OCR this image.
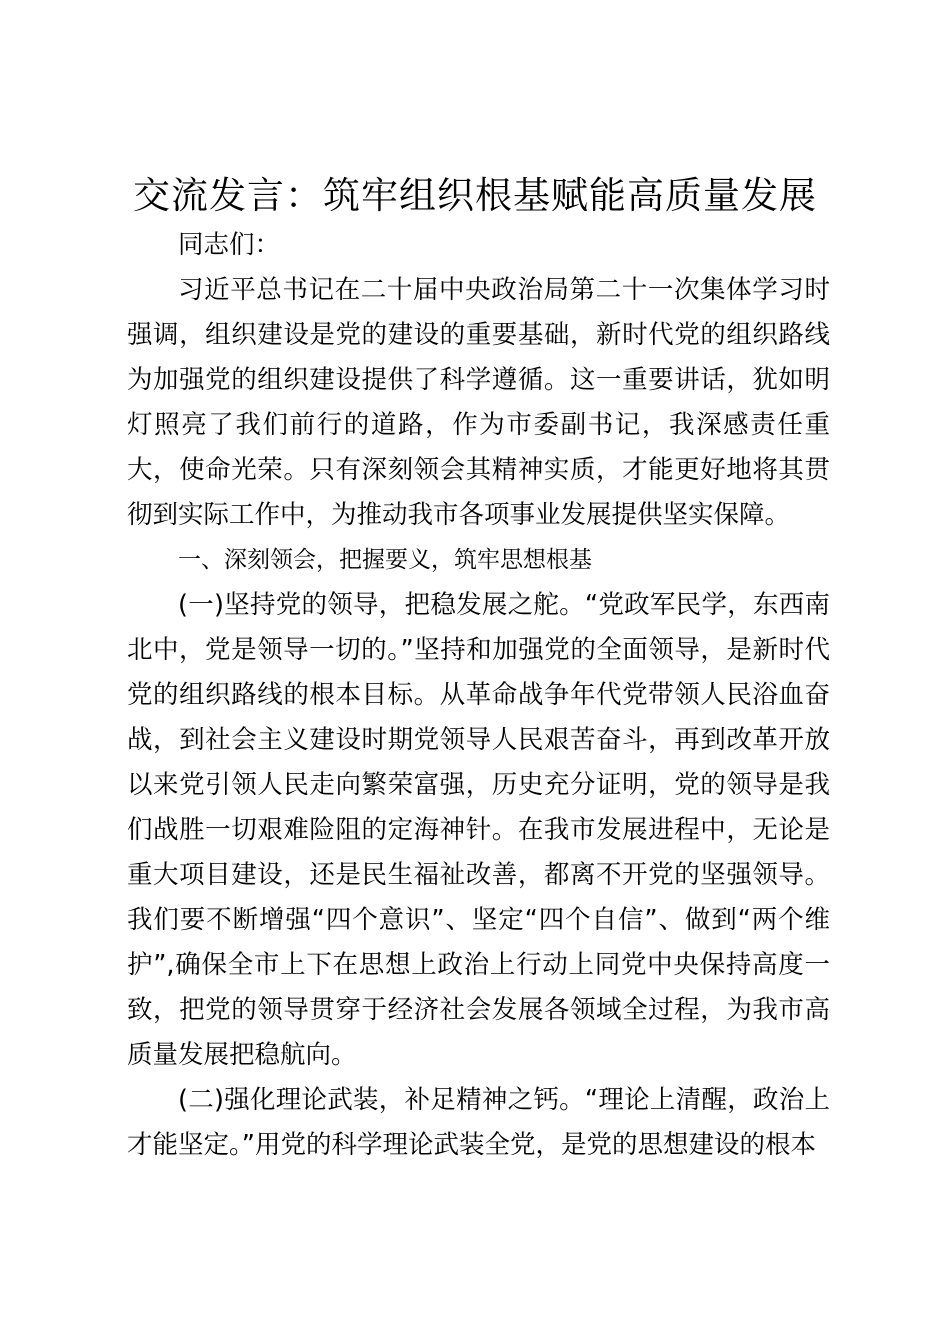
交流发言：筑牢组织根基赋能高质量发展

同志们：

习近平总书记在二十届中央政治局第二十一次集体学习时强调，组织建设是党的建设的重要基础，新时代党的组织路线为加强党的组织建设提供了科学遵循。这一重要讲话，犹如明灯照亮了我们前行的道路，作为市委副书记，我深感责任重大，使命光荣。只有深刻领会其精神实质，才能更好地将其贯彻到实际工作中，为推动我市各项事业发展提供坚实保障。

一、深刻领会，把握要义，筑牢思想根基

(一)坚持党的领导，把稳发展之舵。“党政军民学，东西南北中，党是领导一切的。”坚持和加强党的全面领导，是新时代党的组织路线的根本目标。从革命战争年代党带领人民浴血奋战，到社会主义建设时期党领导人民艰苦奋斗，再到改革开放以来党引领人民走向繁荣富强，历史充分证明，党的领导是我们战胜一切艰难险阻的定海神针。在我市发展进程中，无论是重大项目建设，还是民生福祉改善，都离不开党的坚强领导。我们要不断增强“四个意识”、坚定“四个自信”、做到“两个维护”,确保全市上下在思想上政治上行动上同党中央保持高度一致，把党的领导贯穿于经济社会发展各领域全过程，为我市高质量发展把稳航向。

(二)强化理论武装，补足精神之钙。“理论上清醒，政治上才能坚定。”用党的科学理论武装全党，是党的思想建设的根本
